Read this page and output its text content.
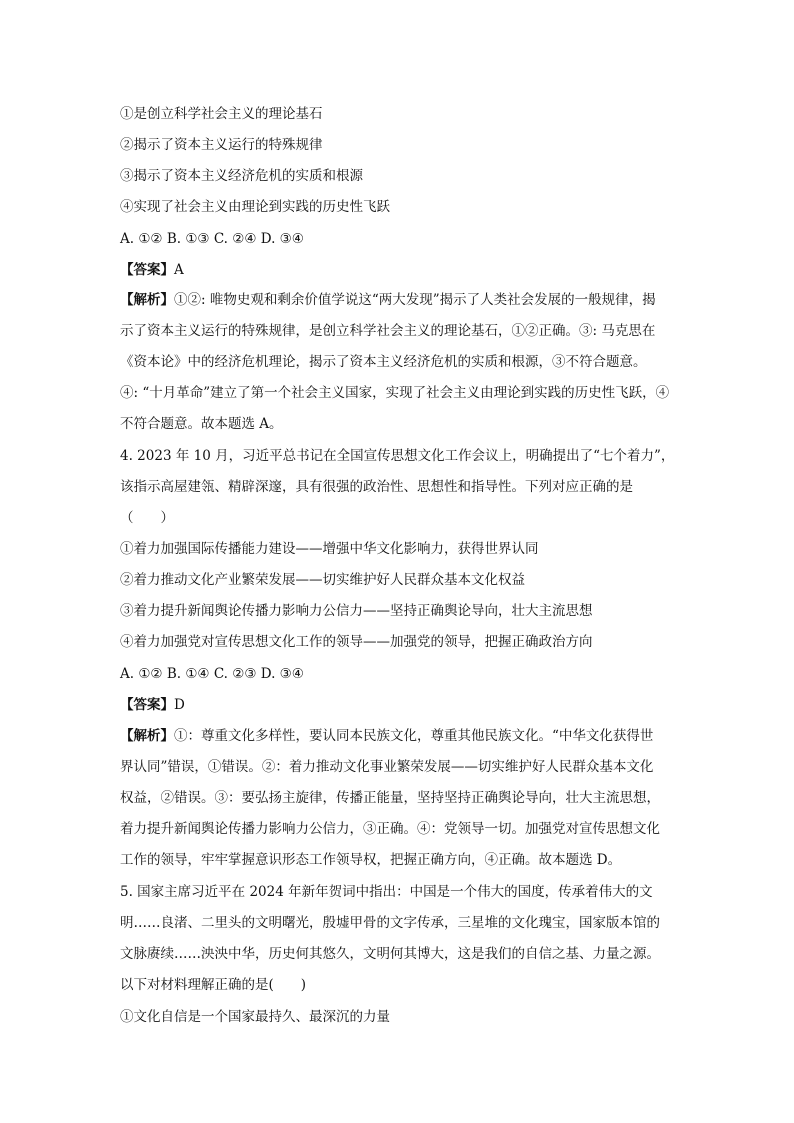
①是创立科学社会主义的理论基石
②揭示了资本主义运行的特殊规律
③揭示了资本主义经济危机的实质和根源
④实现了社会主义由理论到实践的历史性飞跃
A. ①② B. ①③ C. ②④ D. ③④
【答案】A
【解析】①②: 唯物史观和剩余价值学说这“两大发现”揭示了人类社会发展的一般规律，揭
示了资本主义运行的特殊规律，是创立科学社会主义的理论基石，①②正确。③: 马克思在
《资本论》中的经济危机理论，揭示了资本主义经济危机的实质和根源，③不符合题意。
④: “十月革命”建立了第一个社会主义国家，实现了社会主义由理论到实践的历史性飞跃，④
不符合题意。故本题选 A。
4. 2023 年 10 月，习近平总书记在全国宣传思想文化工作会议上，明确提出了“七个着力”，
该指示高屋建瓴、精辟深邃，具有很强的政治性、思想性和指导性。下列对应正确的是
（　　）
①着力加强国际传播能力建设——增强中华文化影响力，获得世界认同
②着力推动文化产业繁荣发展——切实维护好人民群众基本文化权益
③着力提升新闻舆论传播力影响力公信力——坚持正确舆论导向，壮大主流思想
④着力加强党对宣传思想文化工作的领导——加强党的领导，把握正确政治方向
A. ①② B. ①④ C. ②③ D. ③④
【答案】D
【解析】①：尊重文化多样性，要认同本民族文化，尊重其他民族文化。“中华文化获得世
界认同”错误，①错误。②：着力推动文化事业繁荣发展——切实维护好人民群众基本文化
权益，②错误。③：要弘扬主旋律，传播正能量，坚持坚持正确舆论导向，壮大主流思想，
着力提升新闻舆论传播力影响力公信力，③正确。④：党领导一切。加强党对宣传思想文化
工作的领导，牢牢掌握意识形态工作领导权，把握正确方向，④正确。故本题选 D。
5. 国家主席习近平在 2024 年新年贺词中指出：中国是一个伟大的国度，传承着伟大的文
明……良渚、二里头的文明曙光，殷墟甲骨的文字传承，三星堆的文化瑰宝，国家版本馆的
文脉赓续……泱泱中华，历史何其悠久，文明何其博大，这是我们的自信之基、力量之源。
以下对材料理解正确的是(　　)
①文化自信是一个国家最持久、最深沉的力量
